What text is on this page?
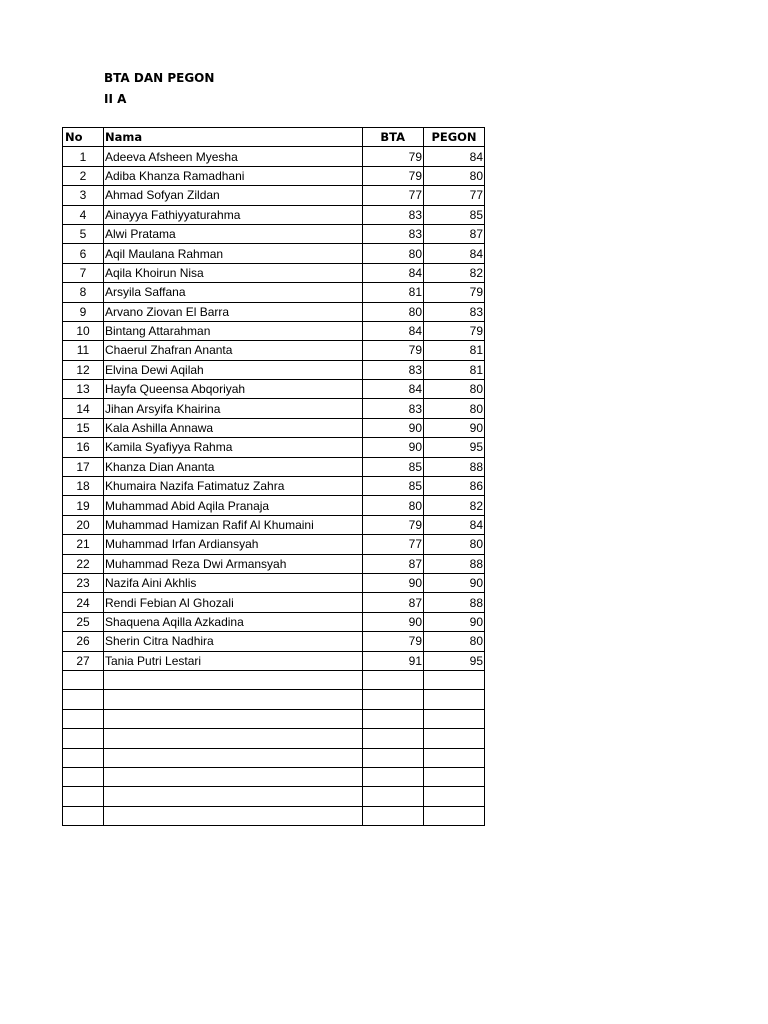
BTA DAN PEGON
II A
No	Nama	BTA	PEGON
1	Adeeva Afsheen Myesha	79	84
2	Adiba Khanza Ramadhani	79	80
3	Ahmad Sofyan Zildan	77	77
4	Ainayya Fathiyyaturahma	83	85
5	Alwi Pratama	83	87
6	Aqil Maulana Rahman	80	84
7	Aqila Khoirun Nisa	84	82
8	Arsyila Saffana	81	79
9	Arvano Ziovan El Barra	80	83
10	Bintang Attarahman	84	79
11	Chaerul Zhafran Ananta	79	81
12	Elvina Dewi Aqilah	83	81
13	Hayfa Queensa Abqoriyah	84	80
14	Jihan Arsyifa Khairina	83	80
15	Kala Ashilla Annawa	90	90
16	Kamila Syafiyya Rahma	90	95
17	Khanza Dian Ananta	85	88
18	Khumaira Nazifa Fatimatuz Zahra	85	86
19	Muhammad Abid Aqila Pranaja	80	82
20	Muhammad Hamizan Rafif Al Khumaini	79	84
21	Muhammad Irfan Ardiansyah	77	80
22	Muhammad Reza Dwi Armansyah	87	88
23	Nazifa Aini Akhlis	90	90
24	Rendi Febian Al Ghozali	87	88
25	Shaquena Aqilla Azkadina	90	90
26	Sherin Citra Nadhira	79	80
27	Tania Putri Lestari	91	95
